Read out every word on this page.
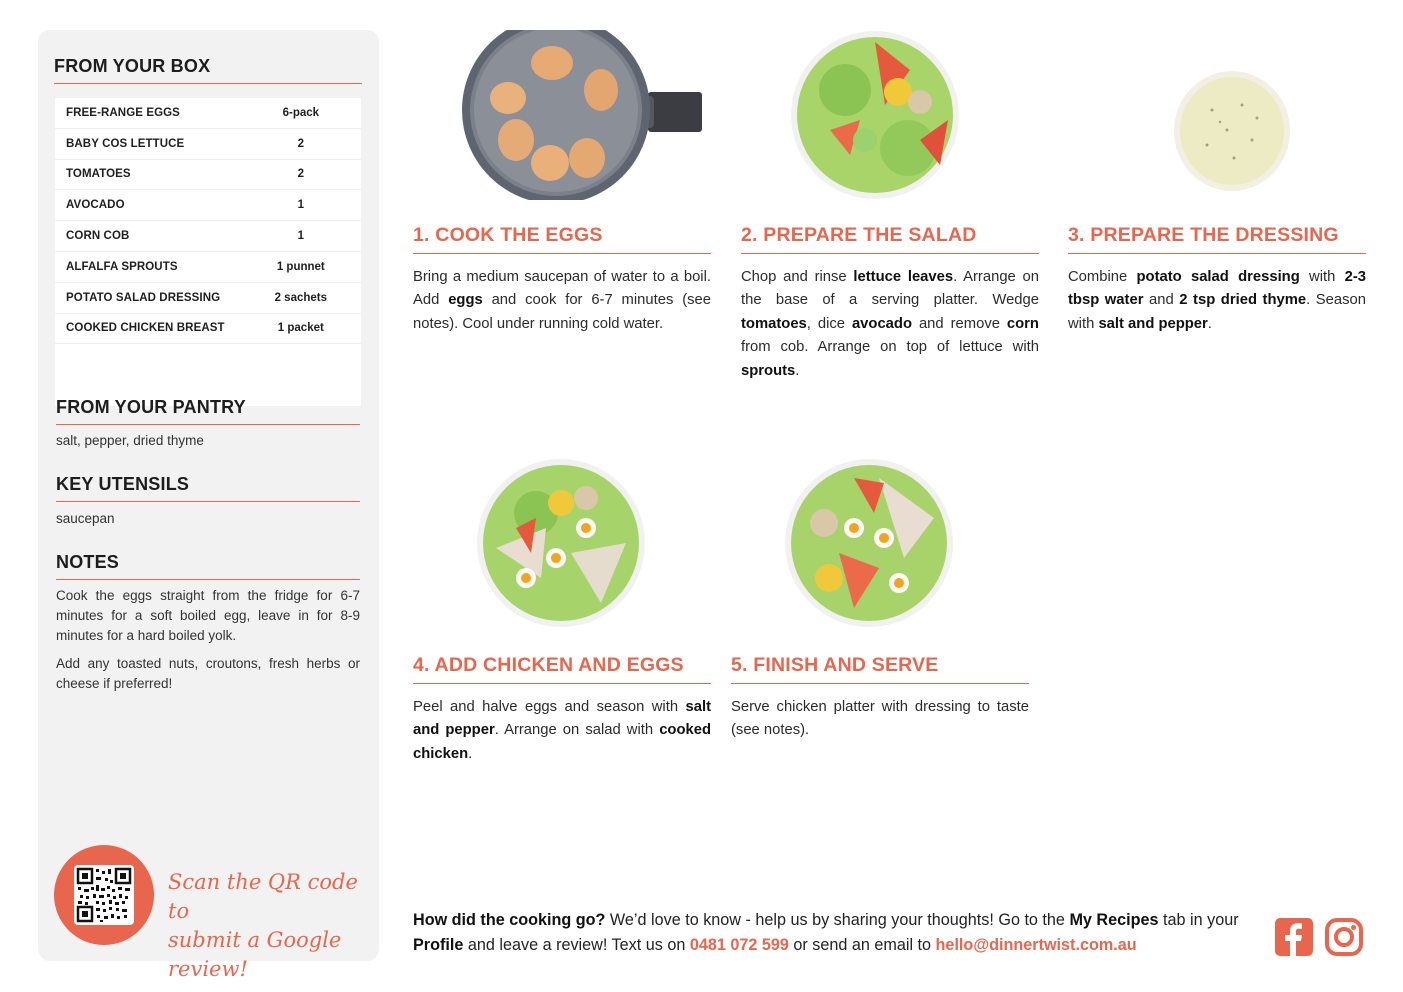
FROM YOUR BOX
FREE-RANGE EGGS	6-pack
BABY COS LETTUCE	2
TOMATOES	2
AVOCADO	1
CORN COB	1
ALFALFA SPROUTS	1 punnet
POTATO SALAD DRESSING	2 sachets
COOKED CHICKEN BREAST	1 packet
FROM YOUR PANTRY
salt, pepper, dried thyme
KEY UTENSILS
saucepan
NOTES

Cook the eggs straight from the fridge for 6-7 minutes for a soft boiled egg, leave in for 8-9 minutes for a hard boiled yolk.

Add any toasted nuts, croutons, fresh herbs or cheese if preferred!

Scan the QR code to
submit a Google review!
1. COOK THE EGGS
Bring a medium saucepan of water to a boil. Add eggs and cook for 6-7 minutes (see notes). Cool under running cold water.
2. PREPARE THE SALAD
Chop and rinse lettuce leaves. Arrange on the base of a serving platter. Wedge tomatoes, dice avocado and remove corn from cob. Arrange on top of lettuce with sprouts.
3. PREPARE THE DRESSING
Combine potato salad dressing with 2-3 tbsp water and 2 tsp dried thyme. Season with salt and pepper.
4. ADD CHICKEN AND EGGS
Peel and halve eggs and season with salt and pepper. Arrange on salad with cooked chicken.
5. FINISH AND SERVE
Serve chicken platter with dressing to taste (see notes).
How did the cooking go? We’d love to know - help us by sharing your thoughts! Go to the My Recipes tab in your Profile and leave a review! Text us on 0481 072 599 or send an email to hello@dinnertwist.com.au
